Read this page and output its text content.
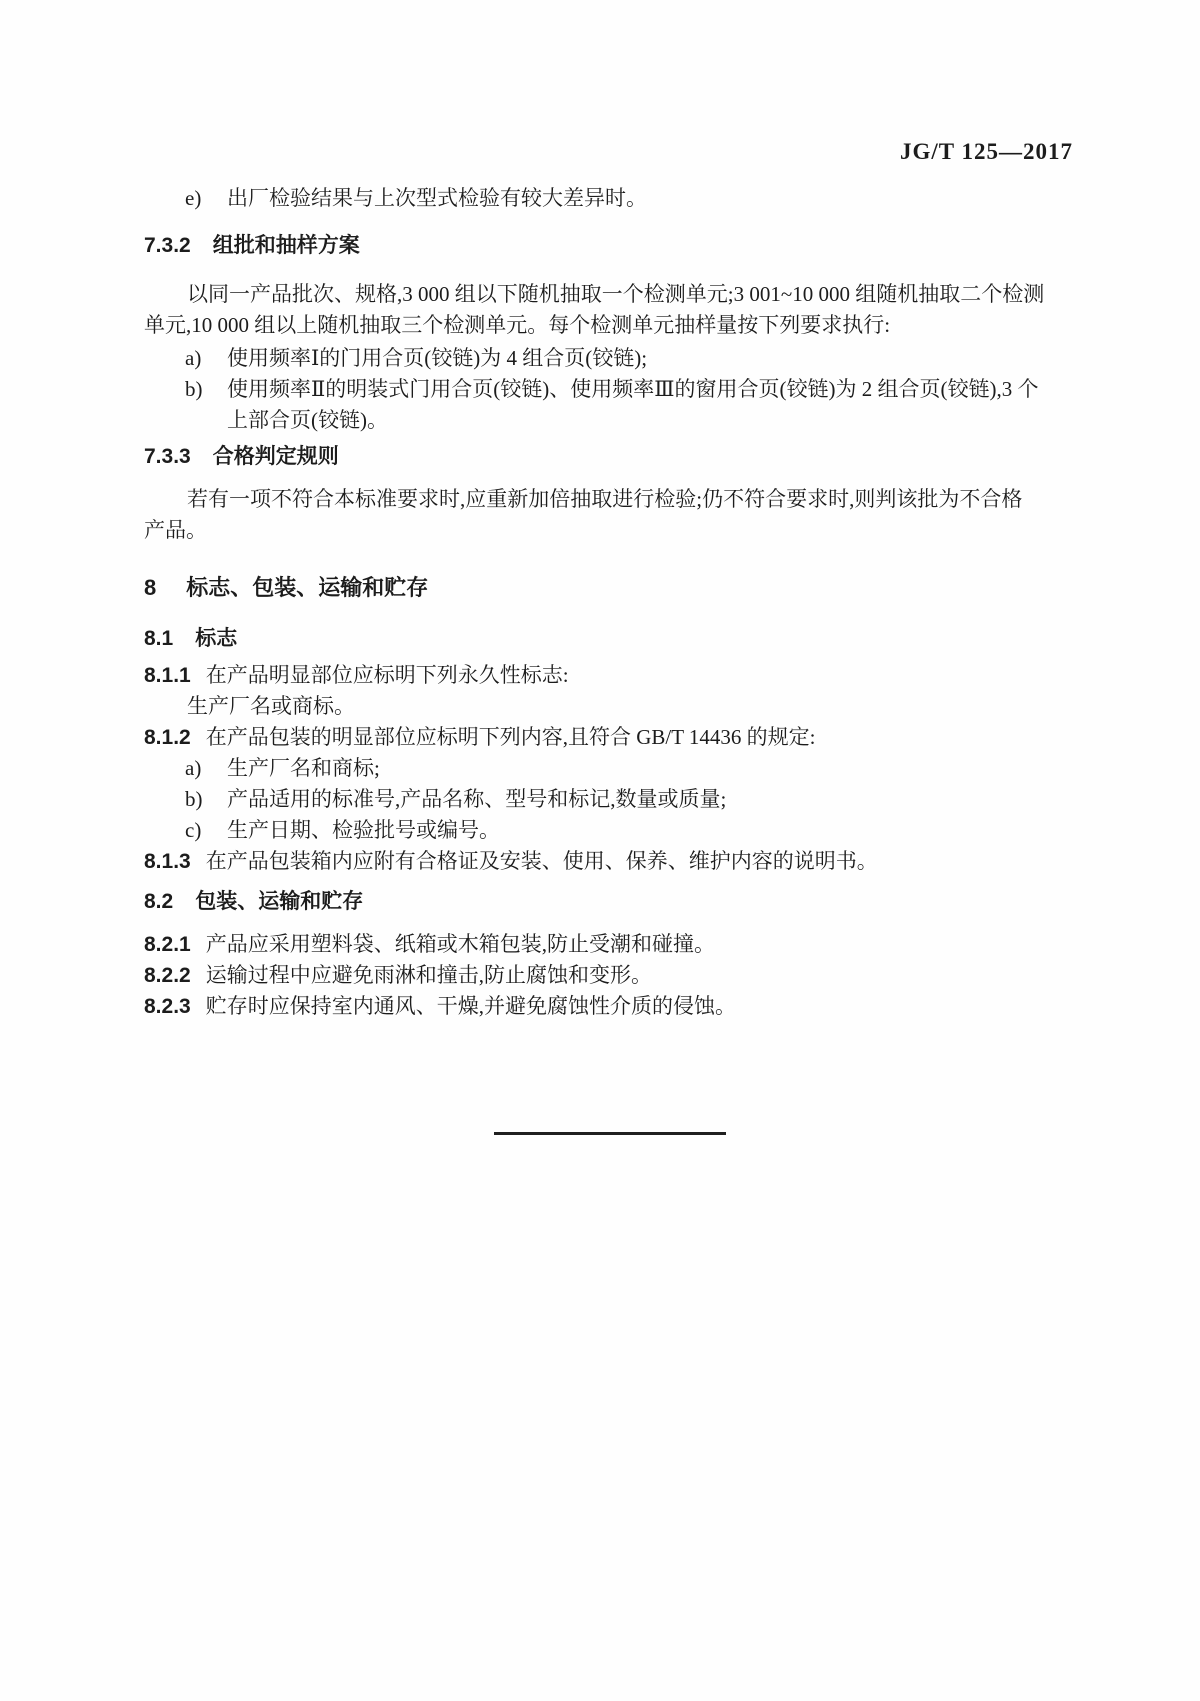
JG/T 125—2017
e) 出厂检验结果与上次型式检验有较大差异时。
7.3.2 组批和抽样方案
以同一产品批次、规格,3 000 组以下随机抽取一个检测单元;3 001~10 000 组随机抽取二个检测
单元,10 000 组以上随机抽取三个检测单元。每个检测单元抽样量按下列要求执行:
a) 使用频率Ⅰ的门用合页(铰链)为 4 组合页(铰链);
b) 使用频率Ⅱ的明装式门用合页(铰链)、使用频率Ⅲ的窗用合页(铰链)为 2 组合页(铰链),3 个
上部合页(铰链)。
7.3.3 合格判定规则
若有一项不符合本标准要求时,应重新加倍抽取进行检验;仍不符合要求时,则判该批为不合格
产品。
8 标志、包装、运输和贮存
8.1 标志
8.1.1 在产品明显部位应标明下列永久性标志:
生产厂名或商标。
8.1.2 在产品包装的明显部位应标明下列内容,且符合 GB/T 14436 的规定:
a) 生产厂名和商标;
b) 产品适用的标准号,产品名称、型号和标记,数量或质量;
c) 生产日期、检验批号或编号。
8.1.3 在产品包装箱内应附有合格证及安装、使用、保养、维护内容的说明书。
8.2 包装、运输和贮存
8.2.1 产品应采用塑料袋、纸箱或木箱包装,防止受潮和碰撞。
8.2.2 运输过程中应避免雨淋和撞击,防止腐蚀和变形。
8.2.3 贮存时应保持室内通风、干燥,并避免腐蚀性介质的侵蚀。
